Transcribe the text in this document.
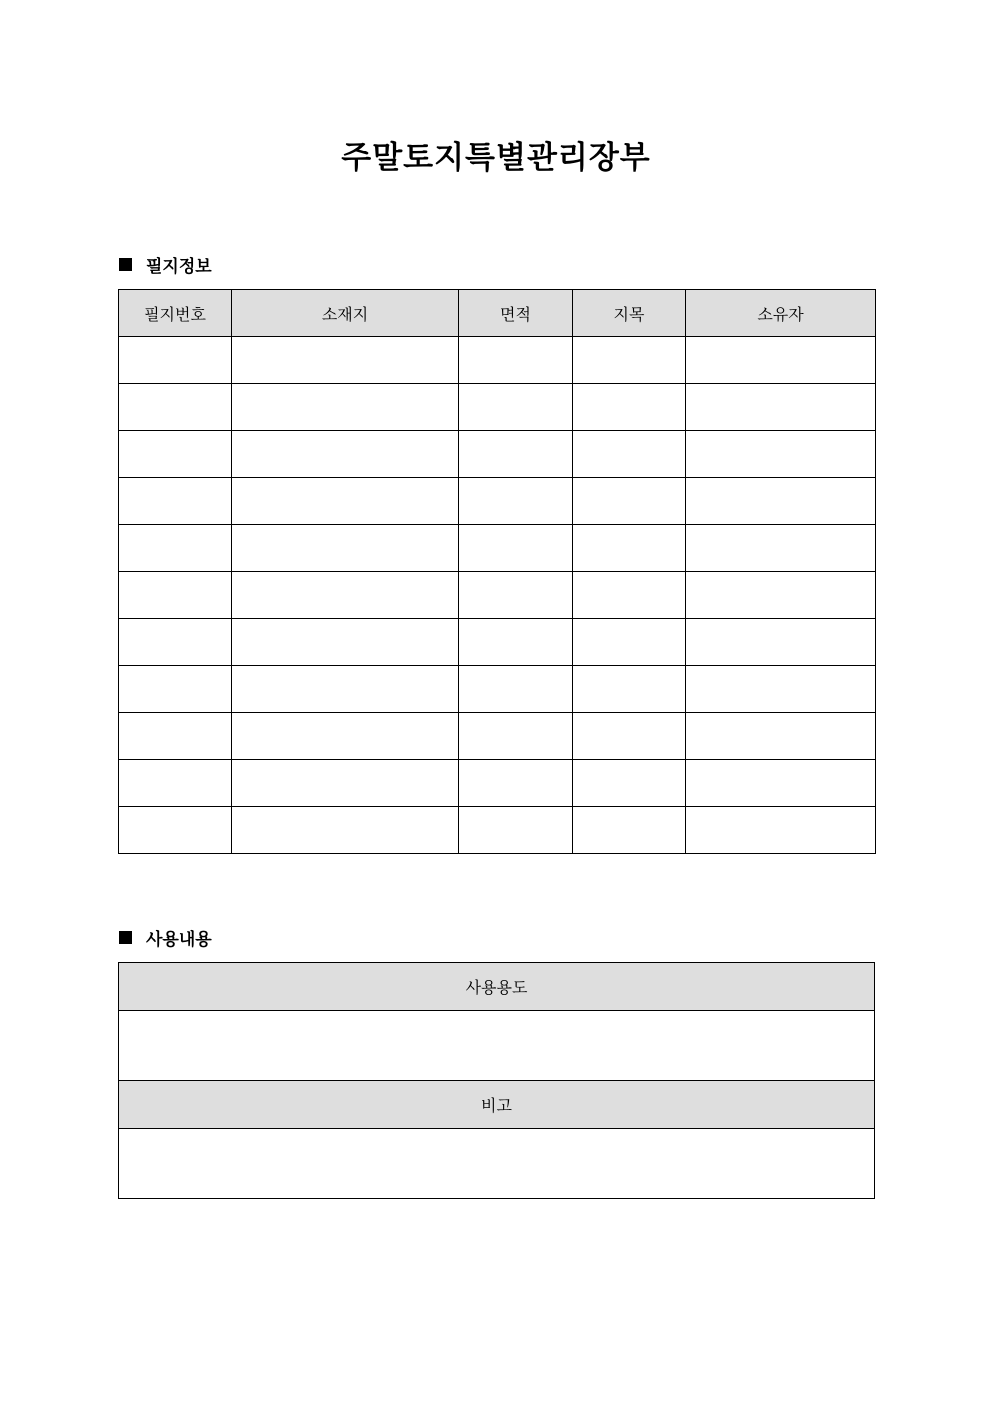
주말토지특별관리장부
필지정보
필지번호	소재지	면적	지목	소유자

사용내용
사용용도

비고
